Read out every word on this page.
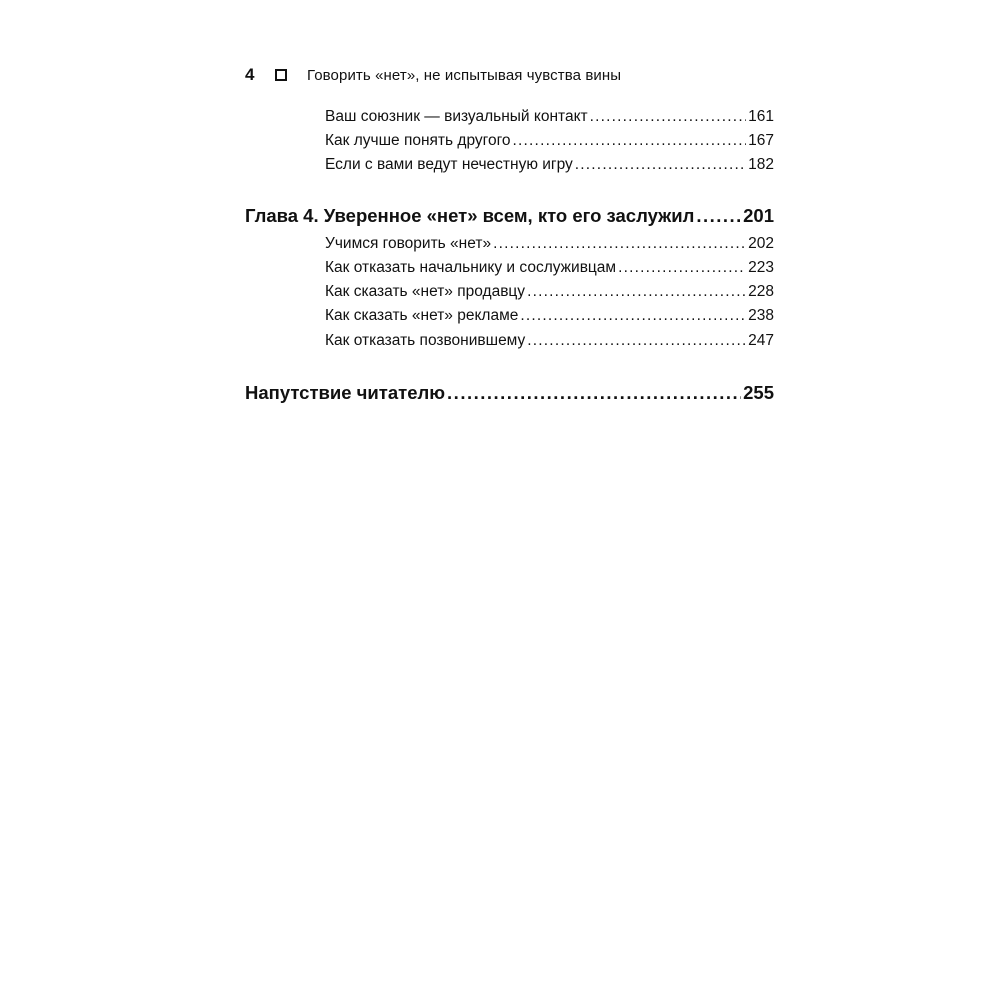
4	Говорить «нет», не испытывая чувства вины
Ваш союзник — визуальный контакт .....	161
Как лучше понять другого .....	167
Если с вами ведут нечестную игру .....	182
Глава 4. Уверенное «нет» всем, кто его заслужил .....	201
Учимся говорить «нет» .....	202
Как отказать начальнику и сослуживцам .....	223
Как сказать «нет» продавцу .....	228
Как сказать «нет» рекламе .....	238
Как отказать позвонившему .....	247
Напутствие читателю .....	255
